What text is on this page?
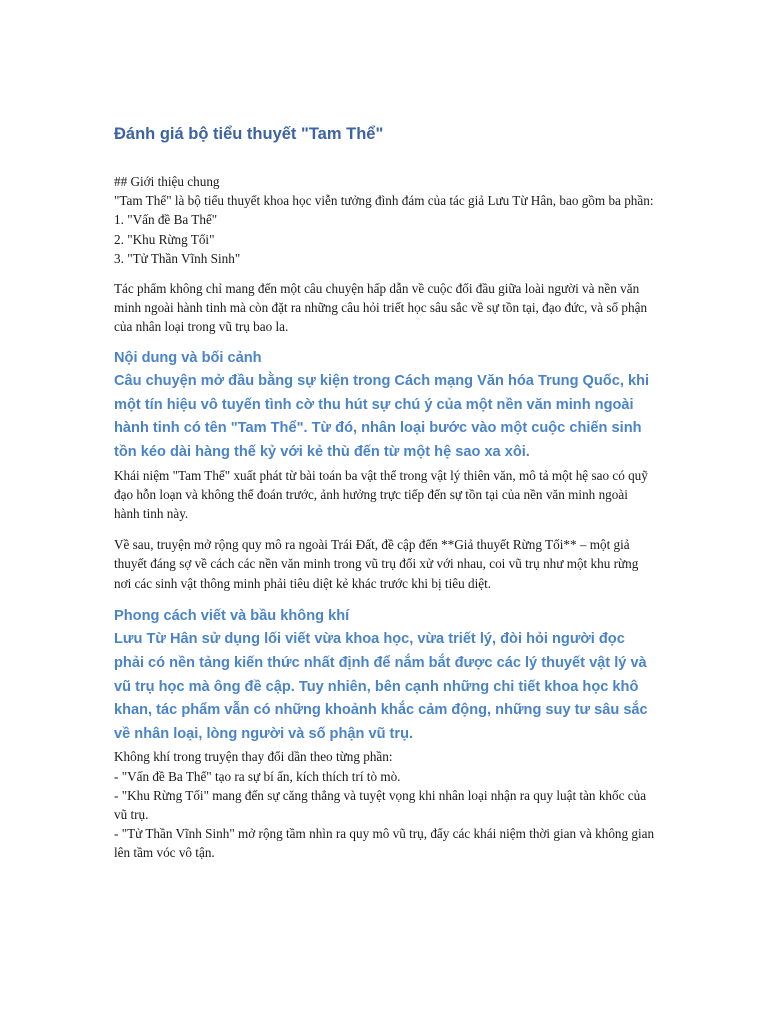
Đánh giá bộ tiểu thuyết "Tam Thể"

## Giới thiệu chung
"Tam Thể" là bộ tiểu thuyết khoa học viễn tưởng đình đám của tác giả Lưu Từ Hân, bao gồm ba phần:
1. "Vấn đề Ba Thể"
2. "Khu Rừng Tối"
3. "Tử Thần Vĩnh Sinh"

Tác phẩm không chỉ mang đến một câu chuyện hấp dẫn về cuộc đối đầu giữa loài người và nền văn minh ngoài hành tinh mà còn đặt ra những câu hỏi triết học sâu sắc về sự tồn tại, đạo đức, và số phận của nhân loại trong vũ trụ bao la.

Nội dung và bối cảnh
Câu chuyện mở đầu bằng sự kiện trong Cách mạng Văn hóa Trung Quốc, khi một tín hiệu vô tuyến tình cờ thu hút sự chú ý của một nền văn minh ngoài hành tinh có tên "Tam Thể". Từ đó, nhân loại bước vào một cuộc chiến sinh tồn kéo dài hàng thế kỷ với kẻ thù đến từ một hệ sao xa xôi.

Khái niệm "Tam Thể" xuất phát từ bài toán ba vật thể trong vật lý thiên văn, mô tả một hệ sao có quỹ đạo hỗn loạn và không thể đoán trước, ảnh hưởng trực tiếp đến sự tồn tại của nền văn minh ngoài hành tinh này.

Về sau, truyện mở rộng quy mô ra ngoài Trái Đất, đề cập đến **Giả thuyết Rừng Tối** – một giả thuyết đáng sợ về cách các nền văn minh trong vũ trụ đối xử với nhau, coi vũ trụ như một khu rừng nơi các sinh vật thông minh phải tiêu diệt kẻ khác trước khi bị tiêu diệt.

Phong cách viết và bầu không khí
Lưu Từ Hân sử dụng lối viết vừa khoa học, vừa triết lý, đòi hỏi người đọc phải có nền tảng kiến thức nhất định để nắm bắt được các lý thuyết vật lý và vũ trụ học mà ông đề cập. Tuy nhiên, bên cạnh những chi tiết khoa học khô khan, tác phẩm vẫn có những khoảnh khắc cảm động, những suy tư sâu sắc về nhân loại, lòng người và số phận vũ trụ.

Không khí trong truyện thay đổi dần theo từng phần:
- "Vấn đề Ba Thể" tạo ra sự bí ẩn, kích thích trí tò mò.
- "Khu Rừng Tối" mang đến sự căng thẳng và tuyệt vọng khi nhân loại nhận ra quy luật tàn khốc của vũ trụ.
- "Tử Thần Vĩnh Sinh" mở rộng tầm nhìn ra quy mô vũ trụ, đẩy các khái niệm thời gian và không gian lên tầm vóc vô tận.
